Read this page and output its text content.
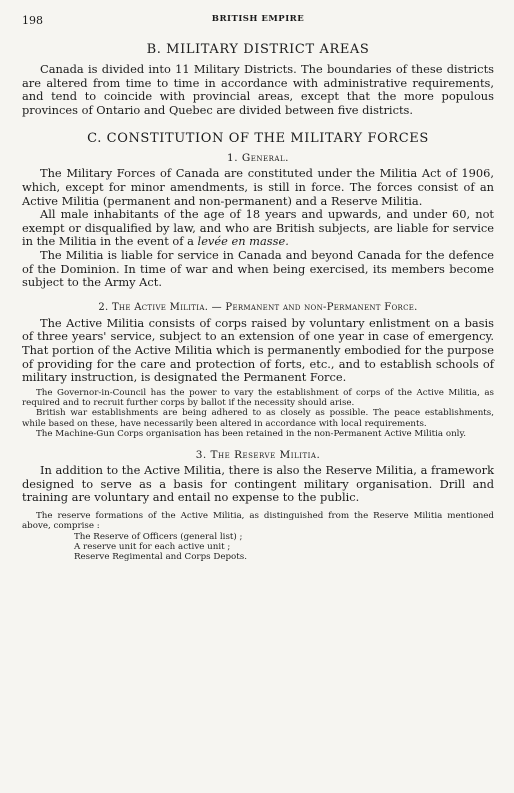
198	BRITISH EMPIRE
B. MILITARY DISTRICT AREAS

Canada is divided into 11 Military Districts. The boundaries of these districts are altered from time to time in accordance with administrative requirements, and tend to coincide with provincial areas, except that the more populous provinces of Ontario and Quebec are divided between five districts.

C. CONSTITUTION OF THE MILITARY FORCES
1. General.

The Military Forces of Canada are constituted under the Militia Act of 1906, which, except for minor amendments, is still in force. The forces consist of an Active Militia (permanent and non-permanent) and a Reserve Militia.

All male inhabitants of the age of 18 years and upwards, and under 60, not exempt or disqualified by law, and who are British subjects, are liable for service in the Militia in the event of a levée en masse.

The Militia is liable for service in Canada and beyond Canada for the defence of the Dominion. In time of war and when being exercised, its members become subject to the Army Act.

2. The Active Militia. — Permanent and non-Permanent Force.

The Active Militia consists of corps raised by voluntary enlistment on a basis of three years' service, subject to an extension of one year in case of emergency. That portion of the Active Militia which is permanently embodied for the purpose of providing for the care and protection of forts, etc., and to establish schools of military instruction, is designated the Permanent Force.

The Governor-in-Council has the power to vary the establishment of corps of the Active Militia, as required and to recruit further corps by ballot if the necessity should arise.

British war establishments are being adhered to as closely as possible. The peace establishments, while based on these, have necessarily been altered in accordance with local requirements.

The Machine-Gun Corps organisation has been retained in the non-Permanent Active Militia only.

3. The Reserve Militia.

In addition to the Active Militia, there is also the Reserve Militia, a framework designed to serve as a basis for contingent military organisation. Drill and training are voluntary and entail no expense to the public.

The reserve formations of the Active Militia, as distinguished from the Reserve Militia mentioned above, comprise :

The Reserve of Officers (general list) ;
A reserve unit for each active unit ;
Reserve Regimental and Corps Depots.
